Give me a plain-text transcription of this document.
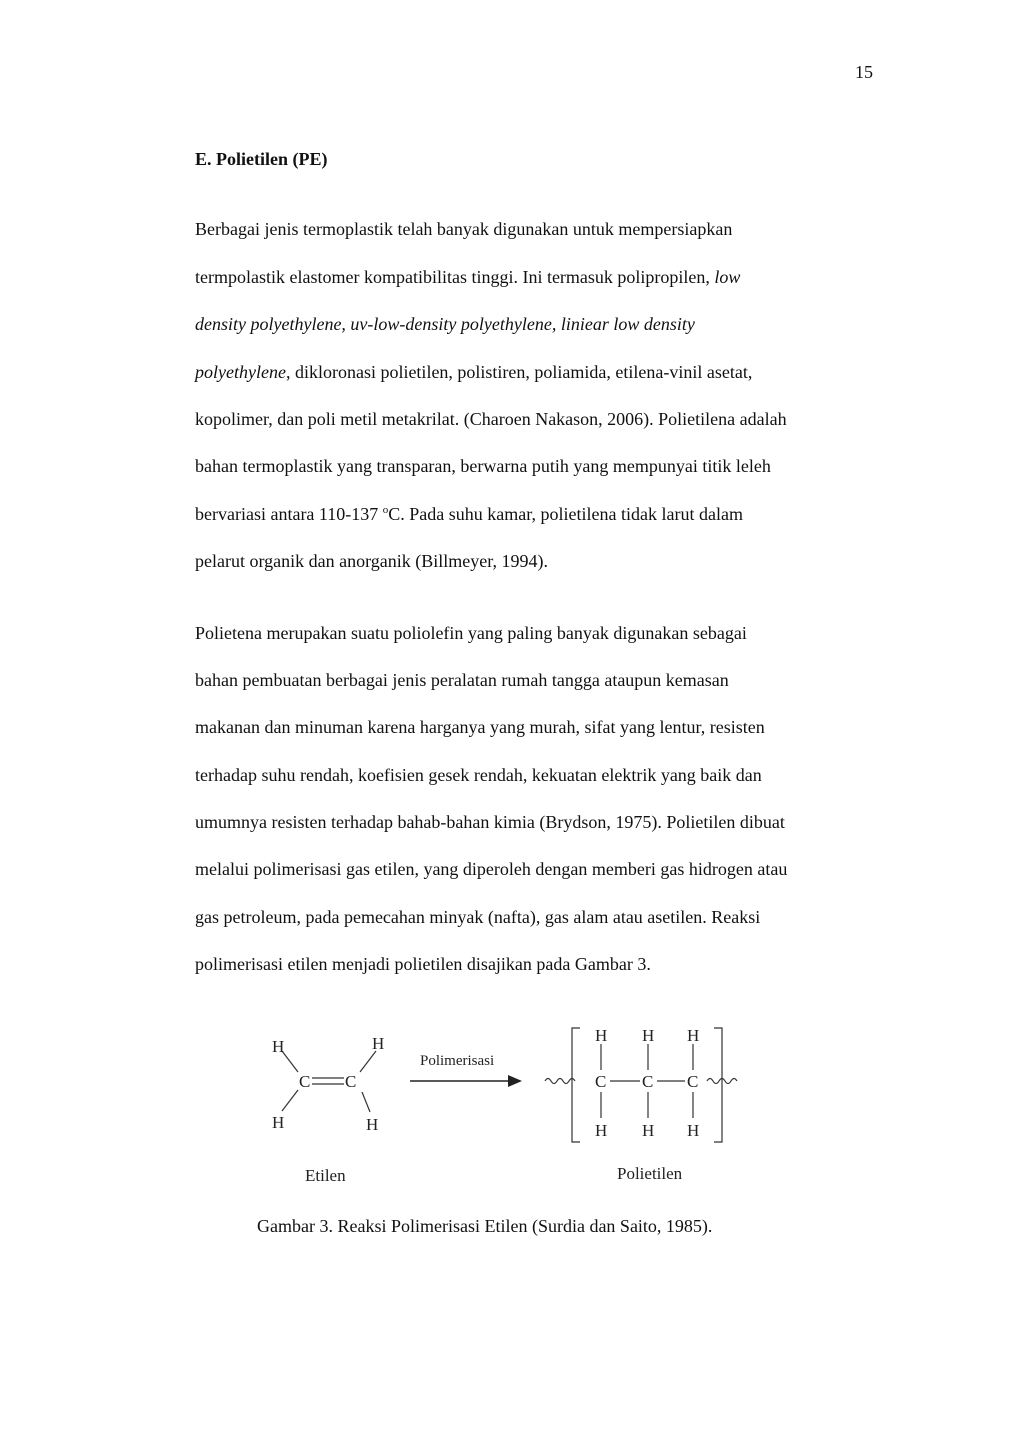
15
E. Polietilen (PE)
Berbagai jenis termoplastik telah banyak digunakan untuk mempersiapkan
termpolastik elastomer kompatibilitas tinggi. Ini termasuk polipropilen, low
density polyethylene, uv-low-density polyethylene, liniear low density
polyethylene, dikloronasi polietilen, polistiren, poliamida, etilena-vinil asetat,
kopolimer, dan poli metil metakrilat. (Charoen Nakason, 2006). Polietilena adalah
bahan termoplastik yang transparan, berwarna putih yang mempunyai titik leleh
bervariasi antara 110-137 $^o$C. Pada suhu kamar, polietilena tidak larut dalam
pelarut organik dan anorganik (Billmeyer, 1994).
Polietena merupakan suatu poliolefin yang paling banyak digunakan sebagai
bahan pembuatan berbagai jenis peralatan rumah tangga ataupun kemasan
makanan dan minuman karena harganya yang murah, sifat yang lentur, resisten
terhadap suhu rendah, koefisien gesek rendah, kekuatan elektrik yang baik dan
umumnya resisten terhadap bahab-bahan kimia (Brydson, 1975). Polietilen dibuat
melalui polimerisasi gas etilen, yang diperoleh dengan memberi gas hidrogen atau
gas petroleum, pada pemecahan minyak (nafta), gas alam atau asetilen. Reaksi
polimerisasi etilen menjadi polietilen disajikan pada Gambar 3.
H	H
H	H
C C
H H H
C C C
H H H
Polimerisasi
Etilen	Polietilen
Gambar 3. Reaksi Polimerisasi Etilen (Surdia dan Saito, 1985).
